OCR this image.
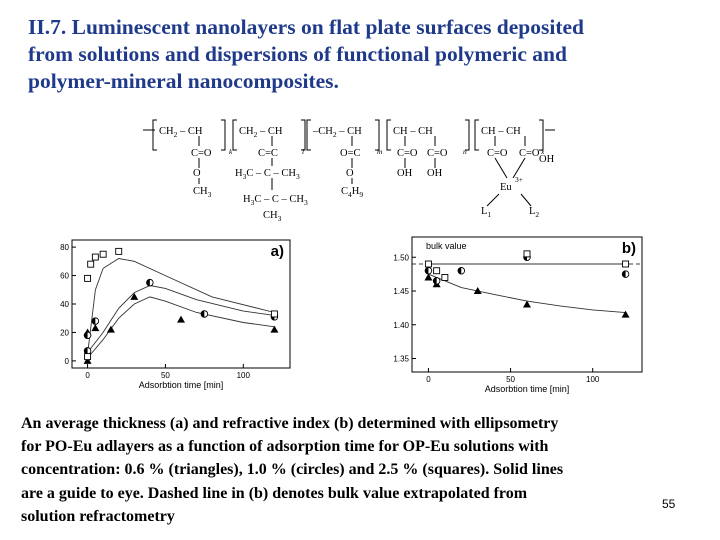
II.7. Luminescent nanolayers on flat plate surfaces deposited
from solutions and dispersions of functional polymeric and
polymer-mineral nanocomposites.
$CH_2$ – CH	$CH_2$ – CH	$-CH_2$ – CH	CH – CH	CH – CH
C=O
O
$CH_3$
C=C
$H_3C$ – C – $CH_3$
$H_3C$ – C – $CH_3$
$CH_3$
O=C
O
$C_4H_9$
C=O
OH
C=O
OH
C=O C=O
OH
Eu
3+
$L_1$	$L_2$
k	l	m	n	x
0
20
40
60
80
0	50	100
Adsorbtion time [min]
a)
1.35
1.40
1.45
1.50
0	50	100
Adsorbtion time [min]
b)
bulk value
An average thickness (a) and refractive index (b) determined with ellipsometry
for PO-Eu adlayers as a function of adsorption time for OP-Eu solutions with
concentration: 0.6 % (triangles), 1.0 % (circles) and 2.5 % (squares). Solid lines
are a guide to eye. Dashed line in (b) denotes bulk value extrapolated from
solution refractometry
55
